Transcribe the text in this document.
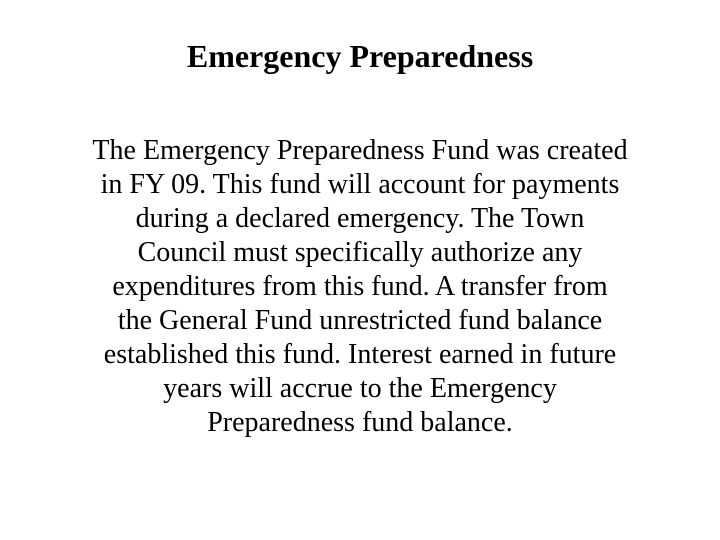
Emergency Preparedness
The Emergency Preparedness Fund was created
in FY 09. This fund will account for payments
during a declared emergency. The Town
Council must specifically authorize any
expenditures from this fund. A transfer from
the General Fund unrestricted fund balance
established this fund. Interest earned in future
years will accrue to the Emergency
Preparedness fund balance.
